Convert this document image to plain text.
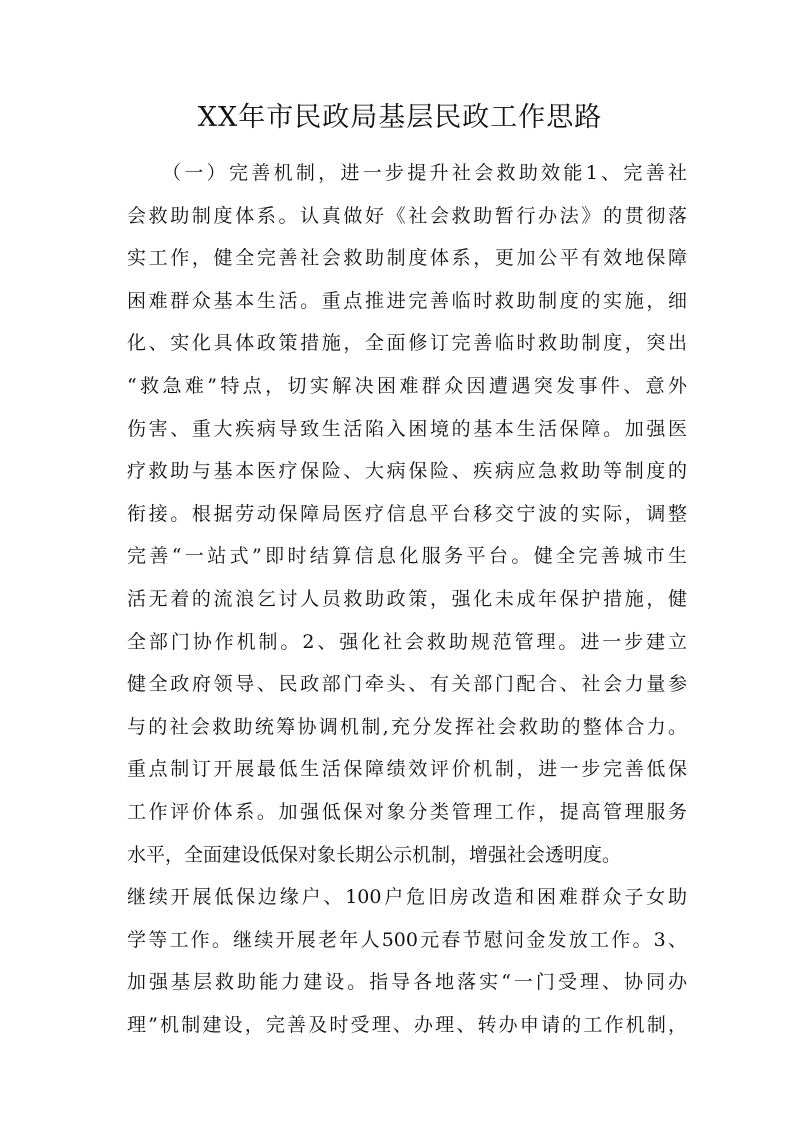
XX年市民政局基层民政工作思路
　　（一）完善机制，进一步提升社会救助效能1、完善社
会救助制度体系。认真做好《社会救助暂行办法》的贯彻落
实工作，健全完善社会救助制度体系，更加公平有效地保障
困难群众基本生活。重点推进完善临时救助制度的实施，细
化、实化具体政策措施，全面修订完善临时救助制度，突出
“救急难”特点，切实解决困难群众因遭遇突发事件、意外
伤害、重大疾病导致生活陷入困境的基本生活保障。加强医
疗救助与基本医疗保险、大病保险、疾病应急救助等制度的
衔接。根据劳动保障局医疗信息平台移交宁波的实际，调整
完善“一站式”即时结算信息化服务平台。健全完善城市生
活无着的流浪乞讨人员救助政策，强化未成年保护措施，健
全部门协作机制。2、强化社会救助规范管理。进一步建立
健全政府领导、民政部门牵头、有关部门配合、社会力量参
与的社会救助统筹协调机制,充分发挥社会救助的整体合力。
重点制订开展最低生活保障绩效评价机制，进一步完善低保
工作评价体系。加强低保对象分类管理工作，提高管理服务
水平，全面建设低保对象长期公示机制，增强社会透明度。
继续开展低保边缘户、100户危旧房改造和困难群众子女助
学等工作。继续开展老年人500元春节慰问金发放工作。3、
加强基层救助能力建设。指导各地落实“一门受理、协同办
理”机制建设，完善及时受理、办理、转办申请的工作机制，
